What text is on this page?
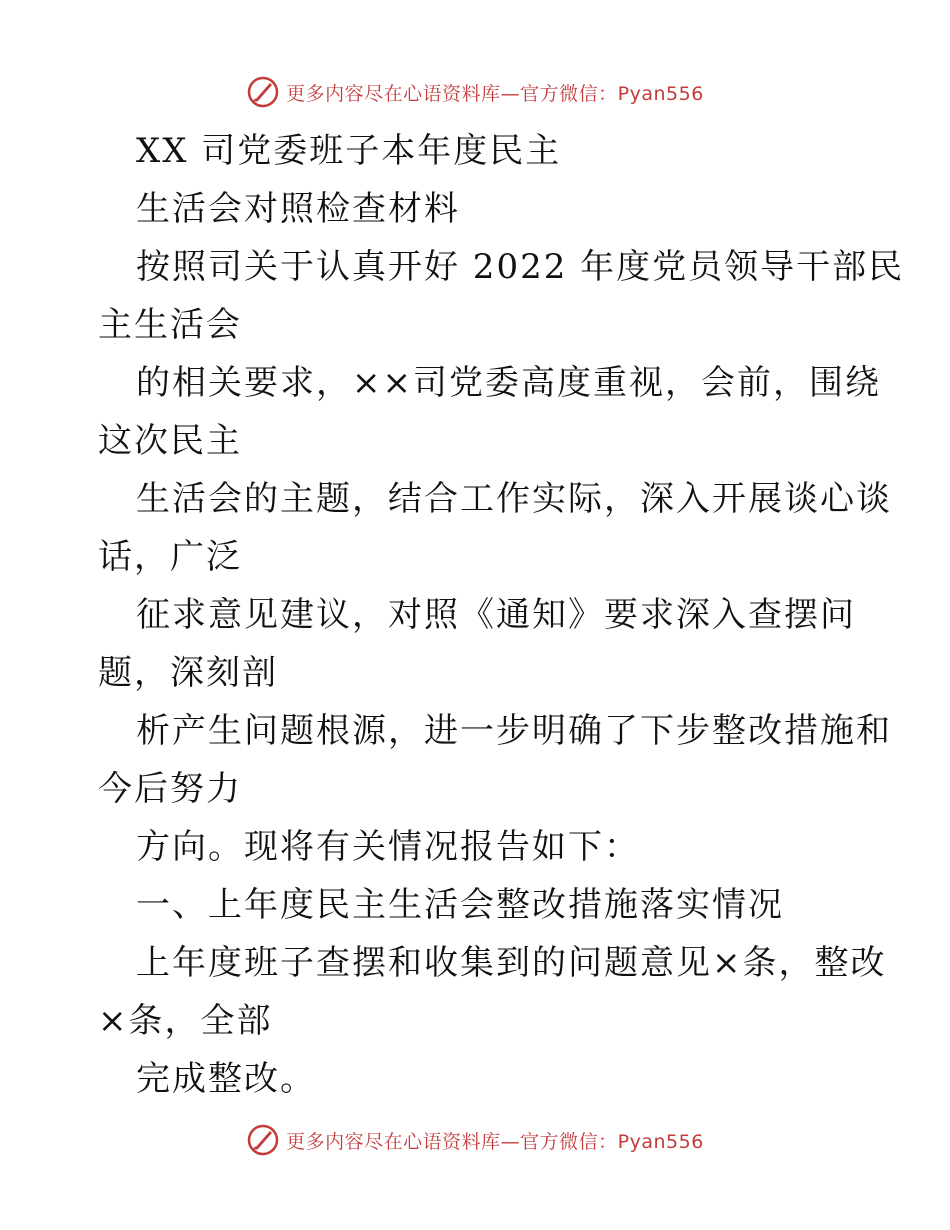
更多内容尽在心语资料库—官方微信：Pyan556
XX 司党委班子本年度民主
生活会对照检查材料
按照司关于认真开好 2022 年度党员领导干部民
主生活会
的相关要求，××司党委高度重视，会前，围绕
这次民主
生活会的主题，结合工作实际，深入开展谈心谈
话，广泛
征求意见建议，对照《通知》要求深入查摆问
题，深刻剖
析产生问题根源，进一步明确了下步整改措施和
今后努力
方向。现将有关情况报告如下：
一、上年度民主生活会整改措施落实情况
上年度班子查摆和收集到的问题意见×条，整改
×条，全部
完成整改。
更多内容尽在心语资料库—官方微信：Pyan556
